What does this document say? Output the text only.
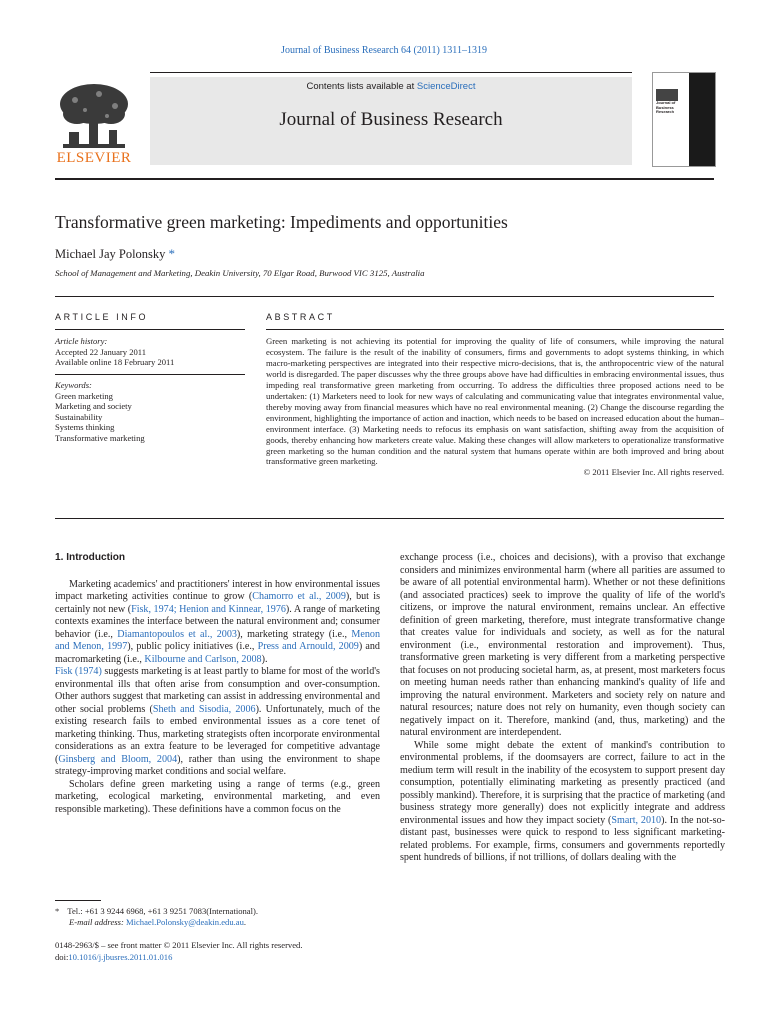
Journal of Business Research 64 (2011) 1311–1319
ELSEVIER
Contents lists available at ScienceDirect
Journal of Business Research
Journal of Business Research
Transformative green marketing: Impediments and opportunities
Michael Jay Polonsky *
School of Management and Marketing, Deakin University, 70 Elgar Road, Burwood VIC 3125, Australia
ARTICLE INFO	ABSTRACT
Article history:
Accepted 22 January 2011
Available online 18 February 2011
Keywords:
Green marketing
Marketing and society
Sustainability
Systems thinking
Transformative marketing
Green marketing is not achieving its potential for improving the quality of life of consumers, while improving the natural ecosystem. The failure is the result of the inability of consumers, firms and governments to adopt systems thinking, in which macro-marketing perspectives are integrated into their respective micro-decisions, that is, the anthropocentric view of the natural world is disregarded. The paper discusses why the three groups above have had difficulties in embracing environmental issues, thus impeding real transformative green marketing from occurring. To address the difficulties three proposed actions need to be undertaken: (1) Marketers need to look for new ways of calculating and communicating value that integrates environmental value, thereby moving away from financial measures which have no real environmental meaning. (2) Change the discourse regarding the environment, highlighting the importance of action and inaction, which needs to be based on increased education about the human–environment interface. (3) Marketing needs to refocus its emphasis on want satisfaction, shifting away from the acquisition of goods, thereby enhancing how marketers create value. Making these changes will allow marketers to operationalize transformative green marketing so the human condition and the natural system that humans operate within are both improved and bring about transformative green marketing.
© 2011 Elsevier Inc. All rights reserved.
1. Introduction

Marketing academics' and practitioners' interest in how environmental issues impact marketing activities continue to grow (Chamorro et al., 2009), but is certainly not new (Fisk, 1974; Henion and Kinnear, 1976). A range of marketing contexts examines the interface between the natural environment and; consumer behavior (i.e., Diamantopoulos et al., 2003), marketing strategy (i.e., Menon and Menon, 1997), public policy initiatives (i.e., Press and Arnould, 2009) and macromarketing (i.e., Kilbourne and Carlson, 2008).

Fisk (1974) suggests marketing is at least partly to blame for most of the world's environmental ills that often arise from consumption and over-consumption. Other authors suggest that marketing can assist in addressing environmental and other social problems (Sheth and Sisodia, 2006). Unfortunately, much of the existing research fails to embed environmental issues as a core tenet of marketing thinking. Thus, marketing strategists often incorporate environmental considerations as an extra feature to be leveraged for competitive advantage (Ginsberg and Bloom, 2004), rather than using the environment to shape strategy-improving market conditions and social welfare.

Scholars define green marketing using a range of terms (e.g., green marketing, ecological marketing, environmental marketing, and even responsible marketing). These definitions have a common focus on the

exchange process (i.e., choices and decisions), with a proviso that exchange considers and minimizes environmental harm (where all parities are assumed to be aware of all potential environmental harm). Whether or not these definitions (and associated practices) seek to improve the quality of life of the world's citizens, or improve the natural environment, remains unclear. An effective definition of green marketing, therefore, must integrate transformative change that creates value for individuals and society, as well as for the natural environment (i.e., environmental restoration and improvement). Thus, transformative green marketing is very different from a marketing perspective that focuses on not producing societal harm, as, at present, most marketers focus on meeting human needs rather than enhancing mankind's quality of life and improving the natural environment. Marketers and society rely on nature and natural resources; nature does not rely on humanity, even though society can negatively impact on it. Therefore, mankind (and, thus, marketing) and the natural environment are interdependent.

While some might debate the extent of mankind's contribution to environmental problems, if the doomsayers are correct, failure to act in the medium term will result in the inability of the ecosystem to support present day consumption, potentially eliminating marketing as presently practiced (and possibly mankind). Therefore, it is surprising that the practice of marketing (and business strategy more generally) does not explicitly integrate and address environmental issues and how they impact society (Smart, 2010). In the not-so-distant past, businesses were quick to respond to less significant marketing-related problems. For example, firms, consumers and governments reportedly spent hundreds of billions, if not trillions, of dollars dealing with the

* Tel.: +61 3 9244 6968, +61 3 9251 7083(International).
E-mail address: Michael.Polonsky@deakin.edu.au.
0148-2963/$ – see front matter © 2011 Elsevier Inc. All rights reserved.
doi:10.1016/j.jbusres.2011.01.016
